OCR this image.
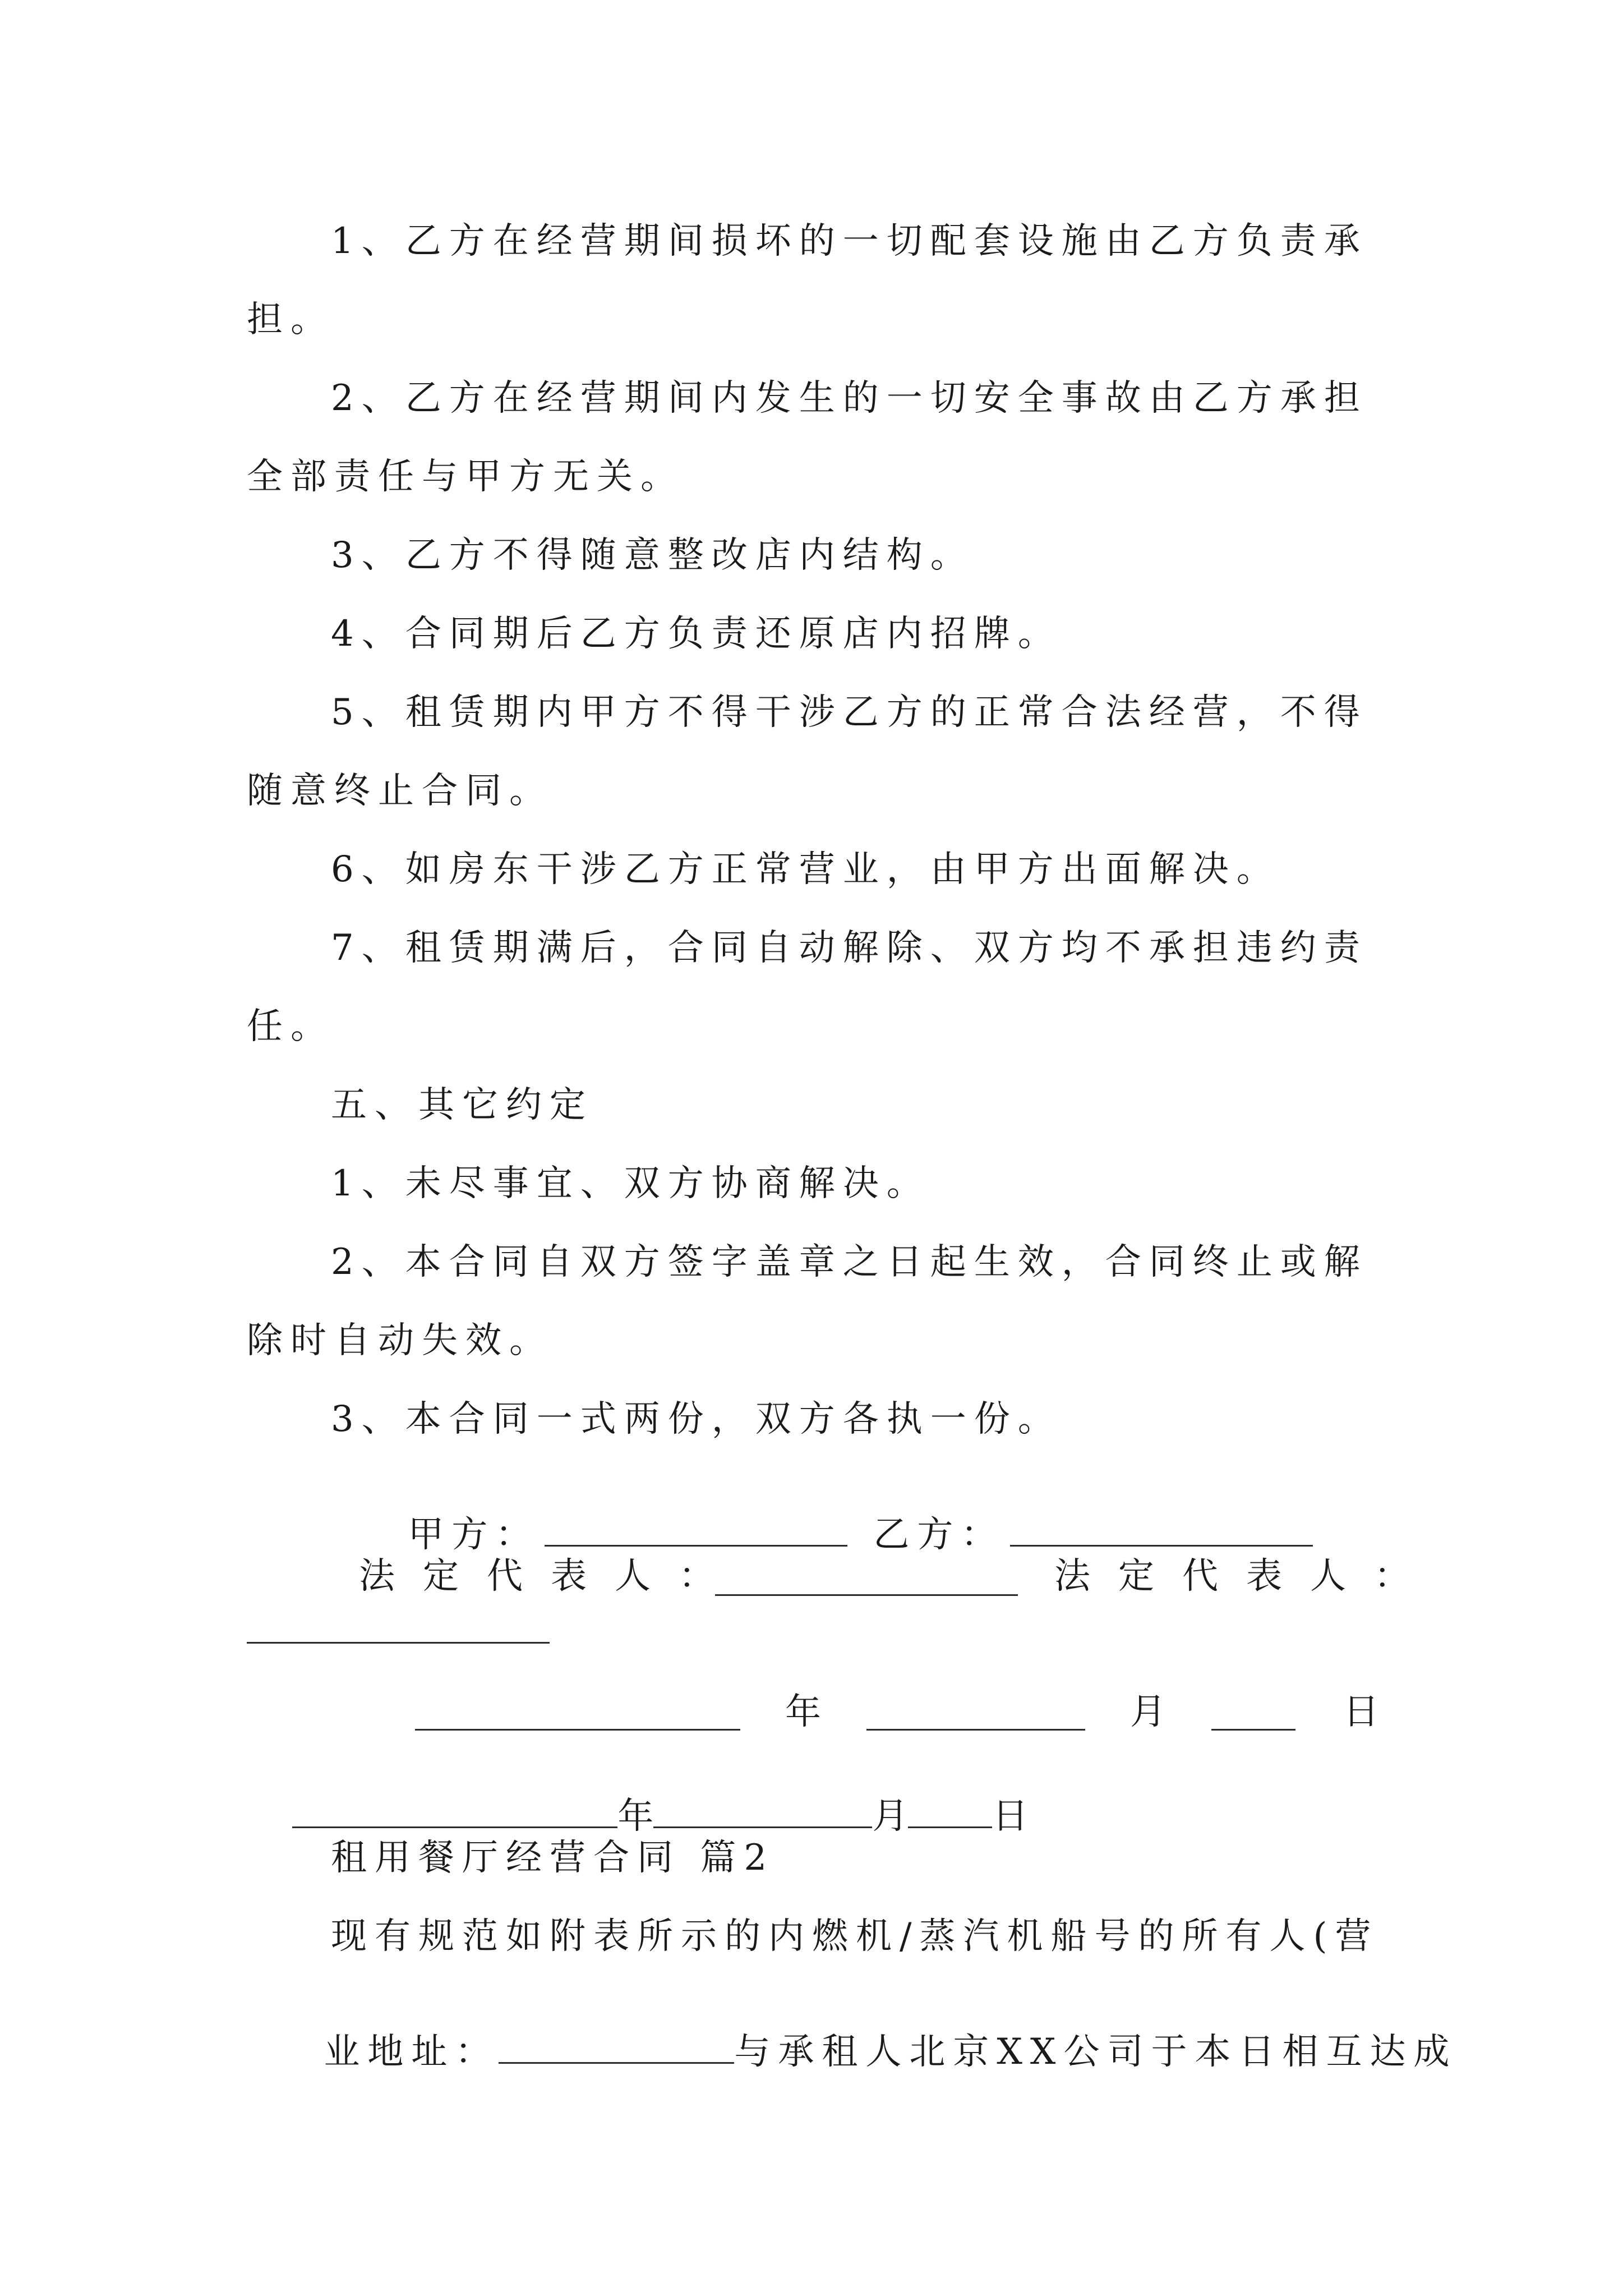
1、乙方在经营期间损坏的一切配套设施由乙方负责承
担。
2、乙方在经营期间内发生的一切安全事故由乙方承担
全部责任与甲方无关。
3、乙方不得随意整改店内结构。
4、合同期后乙方负责还原店内招牌。
5、租赁期内甲方不得干涉乙方的正常合法经营，不得
随意终止合同。
6、如房东干涉乙方正常营业，由甲方出面解决。
7、租赁期满后，合同自动解除、双方均不承担违约责
任。
五、其它约定
1、未尽事宜、双方协商解决。
2、本合同自双方签字盖章之日起生效，合同终止或解
除时自动失效。
3、本合同一式两份，双方各执一份。

甲方：
	乙方：

法定代表人：	法定代表人：
年	月	日

年	月 日

租用餐厅经营合同 篇2
现有规范如附表所示的内燃机/蒸汽机船号的所有人(营

业地址：	与承租人北京XX公司于本日相互达成
